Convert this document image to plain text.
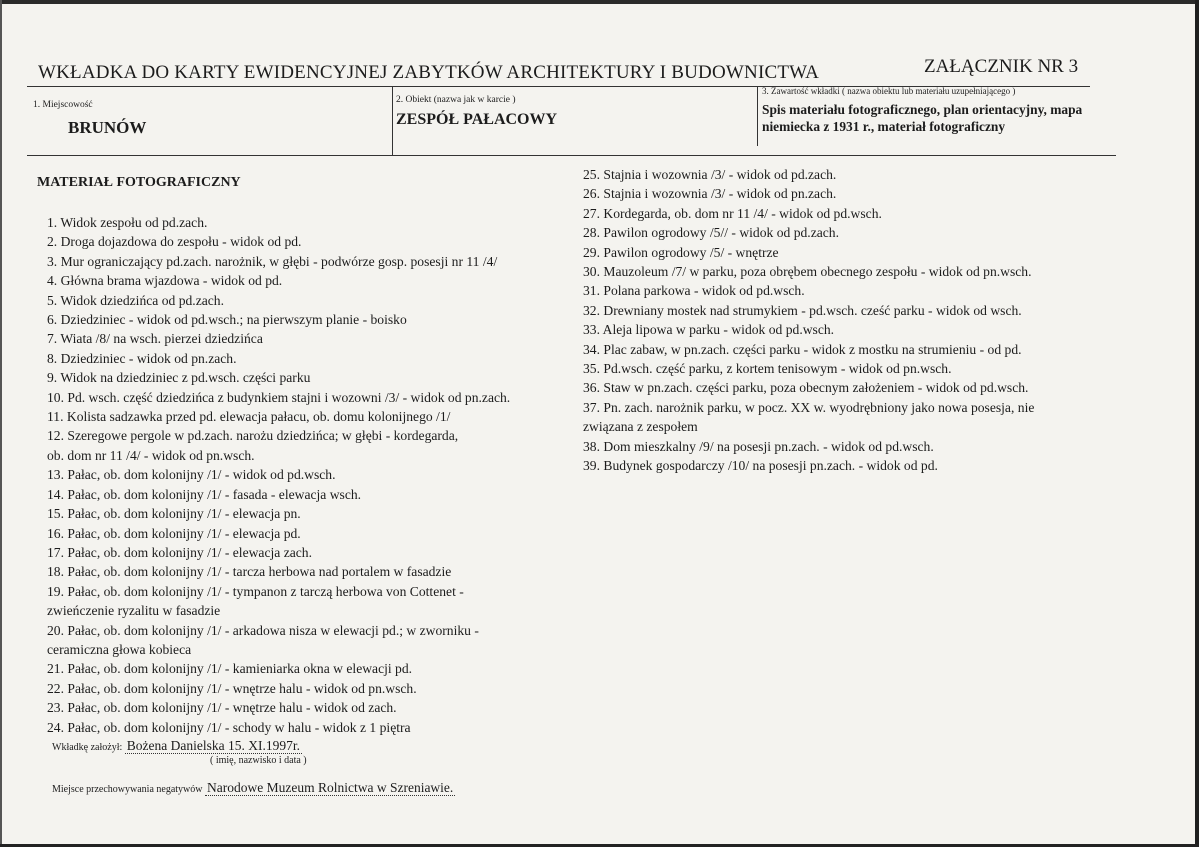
WKŁADKA DO KARTY EWIDENCYJNEJ ZABYTKÓW ARCHITEKTURY I BUDOWNICTWA	ZAŁĄCZNIK NR 3
1. Miejscowość
BRUNÓW
2. Obiekt (nazwa jak w karcie )
ZESPÓŁ PAŁACOWY
3. Zawartość wkładki ( nazwa obiektu lub materiału uzupełniającego )
Spis materiału fotograficznego, plan orientacyjny, mapa
niemiecka z 1931 r., materiał fotograficzny
MATERIAŁ FOTOGRAFICZNY
1. Widok zespołu od pd.zach.
2. Droga dojazdowa do zespołu - widok od pd.
3. Mur ograniczający pd.zach. narożnik, w głębi - podwórze gosp. posesji nr 11 /4/
4. Główna brama wjazdowa - widok od pd.
5. Widok dziedzińca od pd.zach.
6. Dziedziniec - widok od pd.wsch.; na pierwszym planie - boisko
7. Wiata /8/ na wsch. pierzei dziedzińca
8. Dziedziniec - widok od pn.zach.
9. Widok na dziedziniec z pd.wsch. części parku
10. Pd. wsch. część dziedzińca z budynkiem stajni i wozowni /3/ - widok od pn.zach.
11. Kolista sadzawka przed pd. elewacja pałacu, ob. domu kolonijnego /1/
12. Szeregowe pergole w pd.zach. narożu dziedzińca; w głębi - kordegarda,
ob. dom nr 11 /4/ - widok od pn.wsch.
13. Pałac, ob. dom kolonijny /1/ - widok od pd.wsch.
14. Pałac, ob. dom kolonijny /1/ - fasada - elewacja wsch.
15. Pałac, ob. dom kolonijny /1/ - elewacja pn.
16. Pałac, ob. dom kolonijny /1/ - elewacja pd.
17. Pałac, ob. dom kolonijny /1/ - elewacja zach.
18. Pałac, ob. dom kolonijny /1/ - tarcza herbowa nad portalem w fasadzie
19. Pałac, ob. dom kolonijny /1/ - tympanon z tarczą herbowa von Cottenet -
zwieńczenie ryzalitu w fasadzie
20. Pałac, ob. dom kolonijny /1/ - arkadowa nisza w elewacji pd.; w zworniku -
ceramiczna głowa kobieca
21. Pałac, ob. dom kolonijny /1/ - kamieniarka okna w elewacji pd.
22. Pałac, ob. dom kolonijny /1/ - wnętrze halu - widok od pn.wsch.
23. Pałac, ob. dom kolonijny /1/ - wnętrze halu - widok od zach.
24. Pałac, ob. dom kolonijny /1/ - schody w halu - widok z 1 piętra
25. Stajnia i wozownia /3/ - widok od pd.zach.
26. Stajnia i wozownia /3/ - widok od pn.zach.
27. Kordegarda, ob. dom nr 11 /4/ - widok od pd.wsch.
28. Pawilon ogrodowy /5// - widok od pd.zach.
29. Pawilon ogrodowy /5/ - wnętrze
30. Mauzoleum /7/ w parku, poza obrębem obecnego zespołu - widok od pn.wsch.
31. Polana parkowa - widok od pd.wsch.
32. Drewniany mostek nad strumykiem - pd.wsch. cześć parku - widok od wsch.
33. Aleja lipowa w parku - widok od pd.wsch.
34. Plac zabaw, w pn.zach. części parku - widok z mostku na strumieniu - od pd.
35. Pd.wsch. część parku, z kortem tenisowym - widok od pn.wsch.
36. Staw w pn.zach. części parku, poza obecnym założeniem - widok od pd.wsch.
37. Pn. zach. narożnik parku, w pocz. XX w. wyodrębniony jako nowa posesja, nie
związana z zespołem
38. Dom mieszkalny /9/ na posesji pn.zach. - widok od pd.wsch.
39. Budynek gospodarczy /10/ na posesji pn.zach. - widok od pd.
Wkładkę założył: Bożena Danielska 15. XI.1997r.
( imię, nazwisko i data )
Miejsce przechowywania negatywów Narodowe Muzeum Rolnictwa w Szreniawie.
